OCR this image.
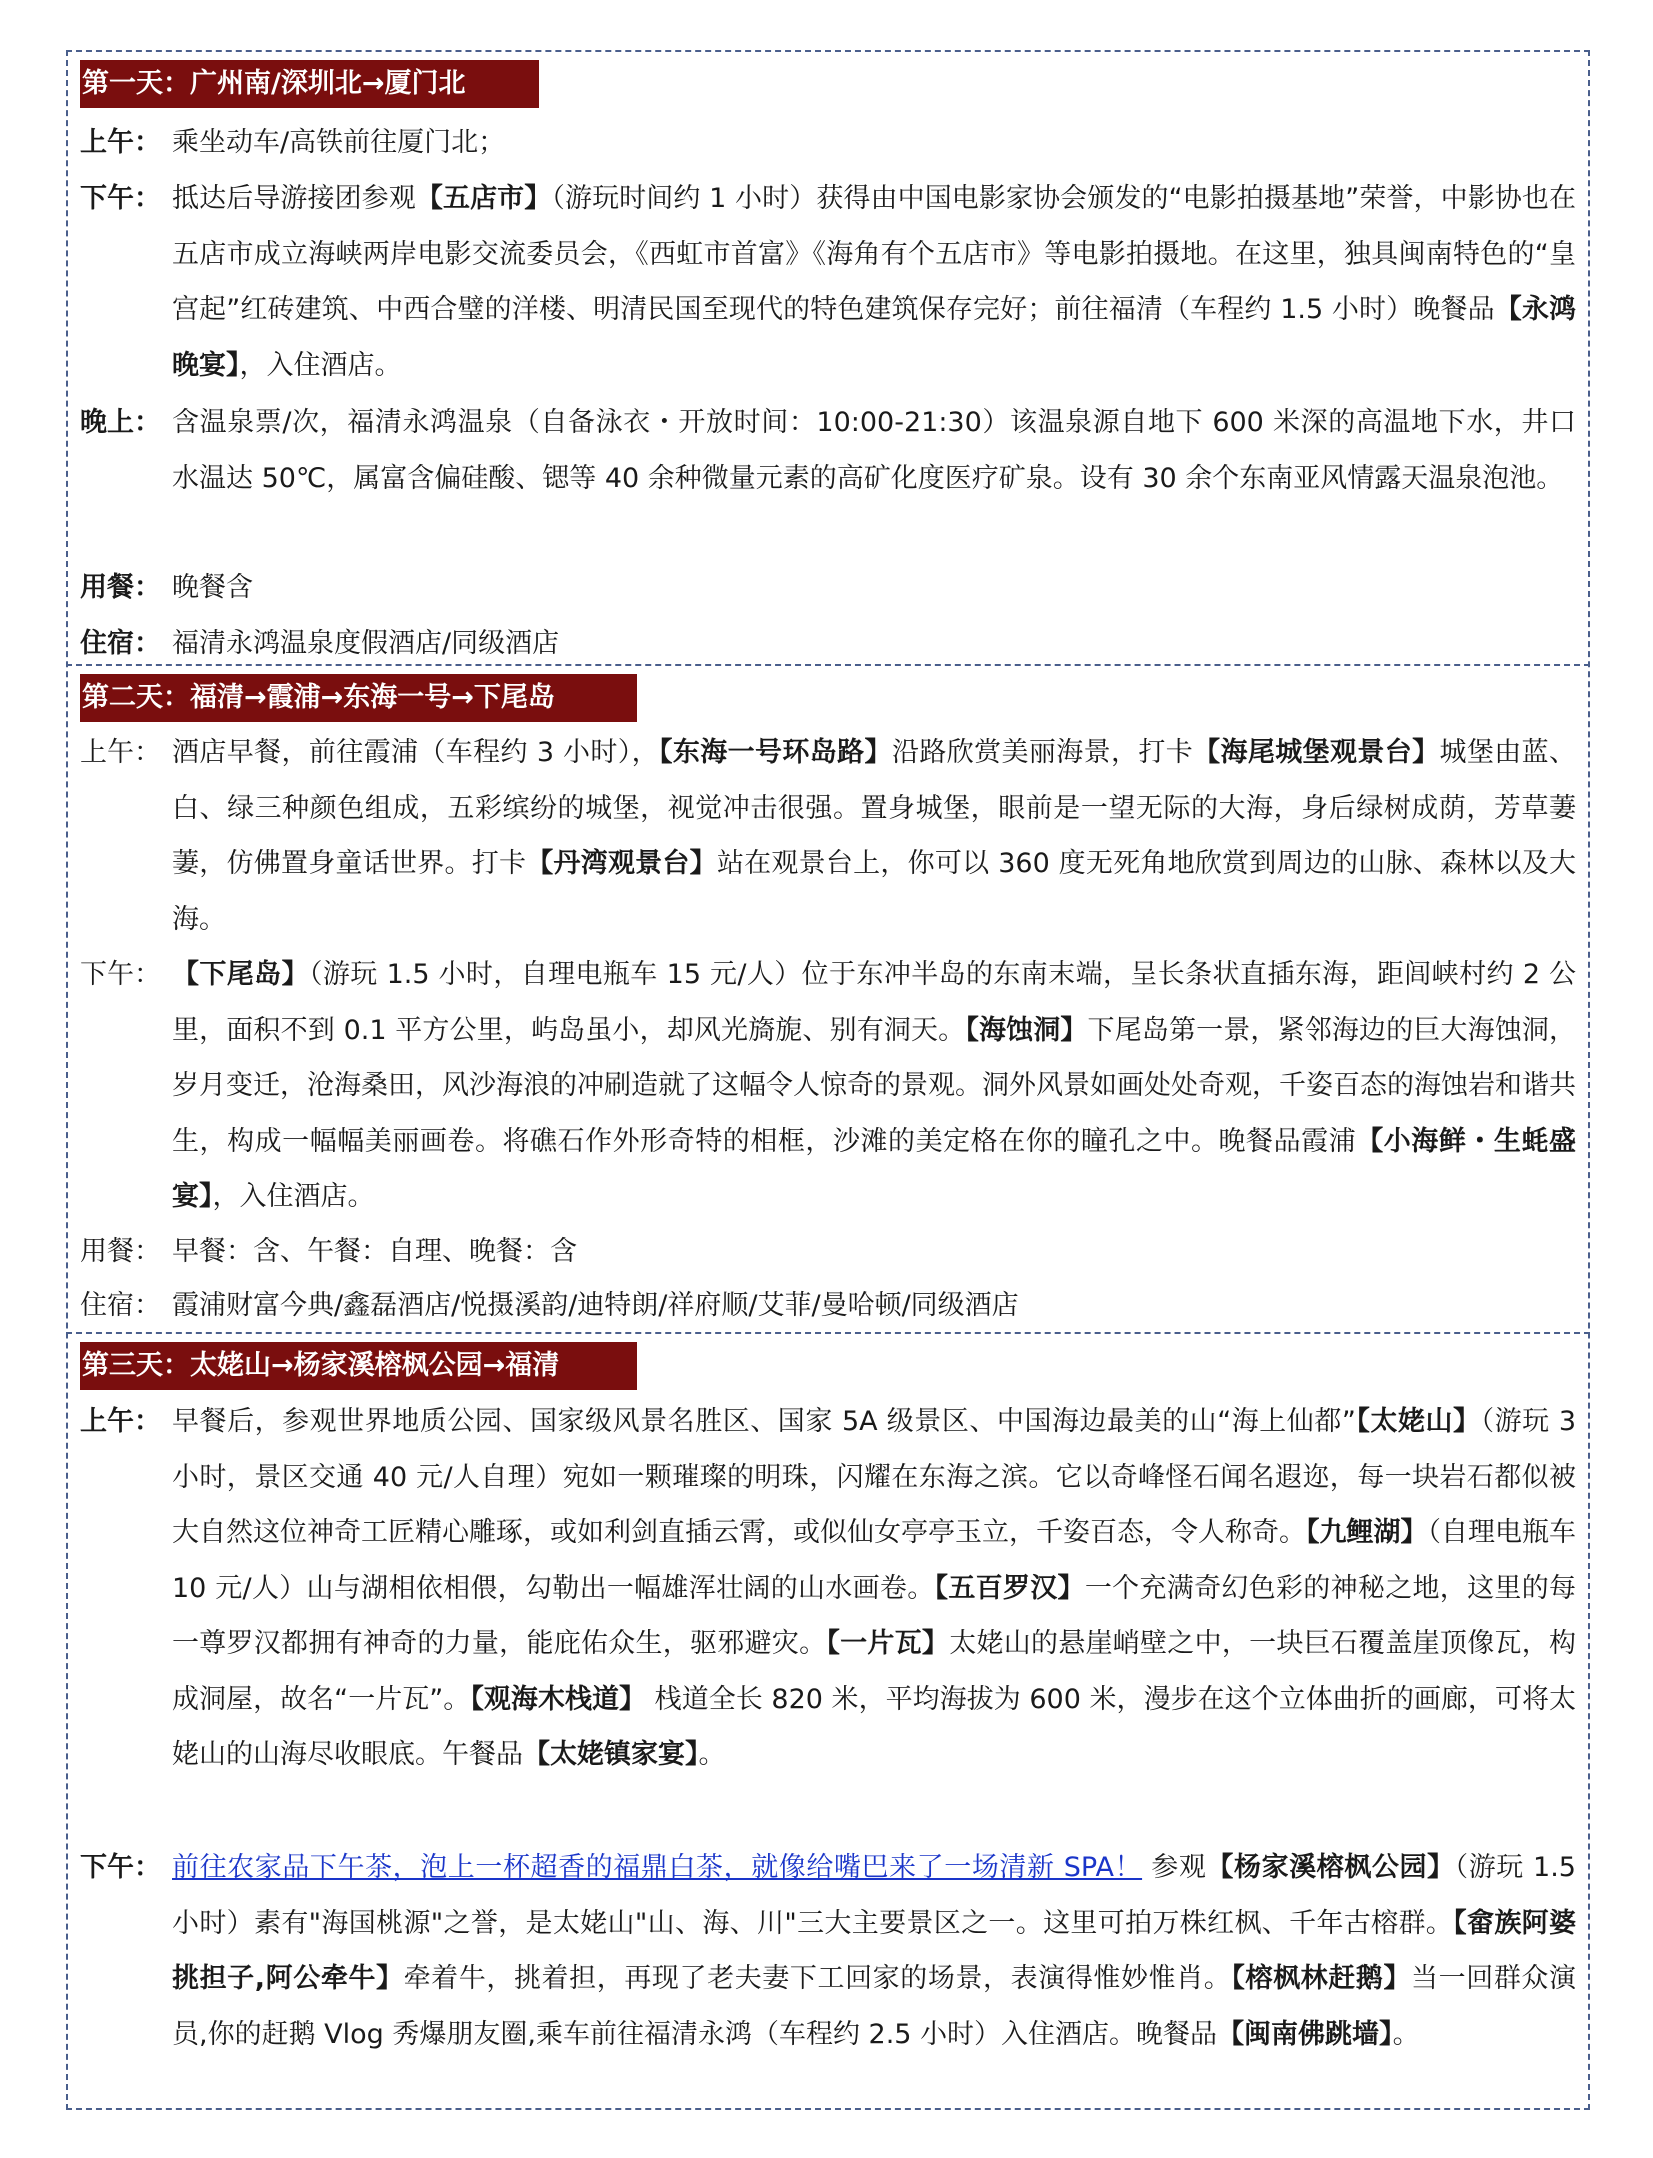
第一天：广州南/深圳北→厦门北
上午： 乘坐动车/高铁前往厦门北；
下午： 抵达后导游接团参观【五店市】（游玩时间约 1 小时）获得由中国电影家协会颁发的“电影拍摄基地”荣誉，中影协也在五店市成立海峡两岸电影交流委员会，《西虹市首富》《海角有个五店市》等电影拍摄地。在这里，独具闽南特色的“皇宫起”红砖建筑、中西合璧的洋楼、明清民国至现代的特色建筑保存完好；前往福清（车程约 1.5 小时）晚餐品【永鸿晚宴】，入住酒店。
晚上： 含温泉票/次，福清永鸿温泉（自备泳衣・开放时间：10:00-21:30）该温泉源自地下 600 米深的高温地下水，井口水温达 50℃，属富含偏硅酸、锶等 40 余种微量元素的高矿化度医疗矿泉。设有 30 余个东南亚风情露天温泉泡池。
用餐： 晚餐含
住宿： 福清永鸿温泉度假酒店/同级酒店
第二天：福清→霞浦→东海一号→下尾岛
上午： 酒店早餐，前往霞浦（车程约 3 小时），【东海一号环岛路】沿路欣赏美丽海景，打卡【海尾城堡观景台】城堡由蓝、白、绿三种颜色组成，五彩缤纷的城堡，视觉冲击很强。置身城堡，眼前是一望无际的大海，身后绿树成荫，芳草萋萋，仿佛置身童话世界。打卡【丹湾观景台】站在观景台上，你可以 360 度无死角地欣赏到周边的山脉、森林以及大海。
下午： 【下尾岛】（游玩 1.5 小时，自理电瓶车 15 元/人）位于东冲半岛的东南末端，呈长条状直插东海，距闾峡村约 2 公里，面积不到 0.1 平方公里，屿岛虽小，却风光旖旎、别有洞天。【海蚀洞】下尾岛第一景，紧邻海边的巨大海蚀洞，岁月变迁，沧海桑田，风沙海浪的冲刷造就了这幅令人惊奇的景观。洞外风景如画处处奇观，千姿百态的海蚀岩和谐共生，构成一幅幅美丽画卷。将礁石作外形奇特的相框，沙滩的美定格在你的瞳孔之中。晚餐品霞浦【小海鲜・生蚝盛宴】，入住酒店。
用餐： 早餐：含、午餐：自理、晚餐：含
住宿： 霞浦财富今典/鑫磊酒店/悦摄溪韵/迪特朗/祥府顺/艾菲/曼哈顿/同级酒店
第三天：太姥山→杨家溪榕枫公园→福清
上午： 早餐后，参观世界地质公园、国家级风景名胜区、国家 5A 级景区、中国海边最美的山“海上仙都”【太姥山】（游玩 3 小时，景区交通 40 元/人自理）宛如一颗璀璨的明珠，闪耀在东海之滨。它以奇峰怪石闻名遐迩，每一块岩石都似被大自然这位神奇工匠精心雕琢，或如利剑直插云霄，或似仙女亭亭玉立，千姿百态，令人称奇。【九鲤湖】（自理电瓶车 10 元/人）山与湖相依相偎，勾勒出一幅雄浑壮阔的山水画卷。【五百罗汉】一个充满奇幻色彩的神秘之地，这里的每一尊罗汉都拥有神奇的力量，能庇佑众生，驱邪避灾。【一片瓦】太姥山的悬崖峭壁之中，一块巨石覆盖崖顶像瓦，构成洞屋，故名“一片瓦”。【观海木栈道】 栈道全长 820 米，平均海拔为 600 米，漫步在这个立体曲折的画廊，可将太姥山的山海尽收眼底。午餐品【太姥镇家宴】。
下午： 前往农家品下午茶，泡上一杯超香的福鼎白茶，就像给嘴巴来了一场清新 SPA！ 参观【杨家溪榕枫公园】（游玩 1.5 小时）素有"海国桃源"之誉，是太姥山"山、海、川"三大主要景区之一。这里可拍万株红枫、千年古榕群。【畲族阿婆挑担子,阿公牵牛】牵着牛，挑着担，再现了老夫妻下工回家的场景，表演得惟妙惟肖。【榕枫林赶鹅】当一回群众演员,你的赶鹅 Vlog 秀爆朋友圈,乘车前往福清永鸿（车程约 2.5 小时）入住酒店。晚餐品【闽南佛跳墙】。
